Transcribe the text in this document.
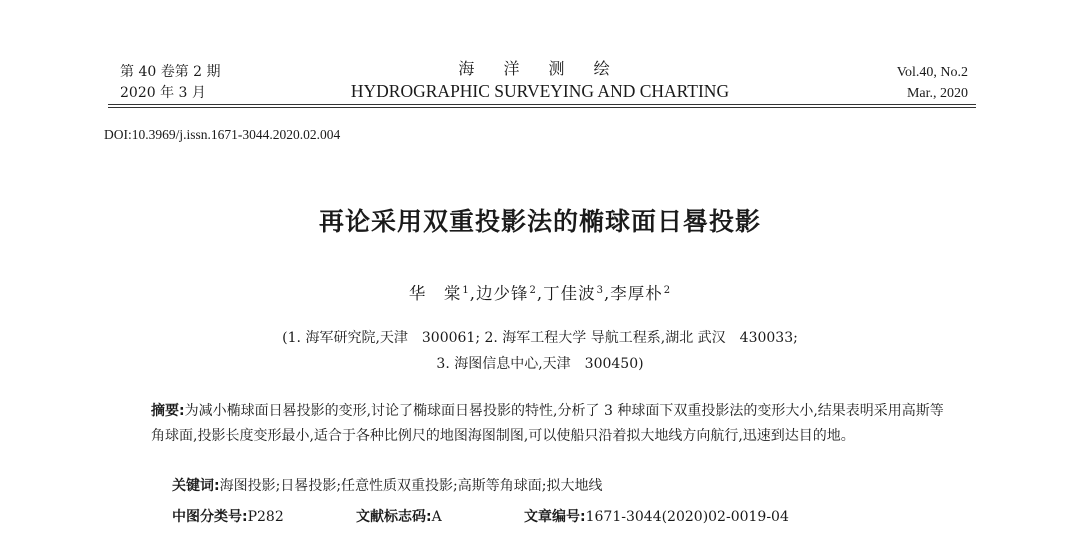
第 40 卷第 2 期
2020 年 3 月
海 洋 测 绘
HYDROGRAPHIC SURVEYING AND CHARTING
Vol.40, No.2
Mar., 2020
DOI:10.3969/j.issn.1671-3044.2020.02.004
再论采用双重投影法的椭球面日晷投影
华　棠$^1$,边少锋$^2$,丁佳波$^3$,李厚朴$^2$
(1. 海军研究院,天津　300061; 2. 海军工程大学 导航工程系,湖北 武汉　430033;
3. 海图信息中心,天津　300450)
摘要:为减小椭球面日晷投影的变形,讨论了椭球面日晷投影的特性,分析了 3 种球面下双重投影法的变形大小,结果表明采用高斯等角球面,投影长度变形最小,适合于各种比例尺的地图海图制图,可以使船只沿着拟大地线方向航行,迅速到达目的地。
关键词:海图投影;日晷投影;任意性质双重投影;高斯等角球面;拟大地线
中图分类号:P282	文献标志码:A	文章编号:1671-3044(2020)02-0019-04
